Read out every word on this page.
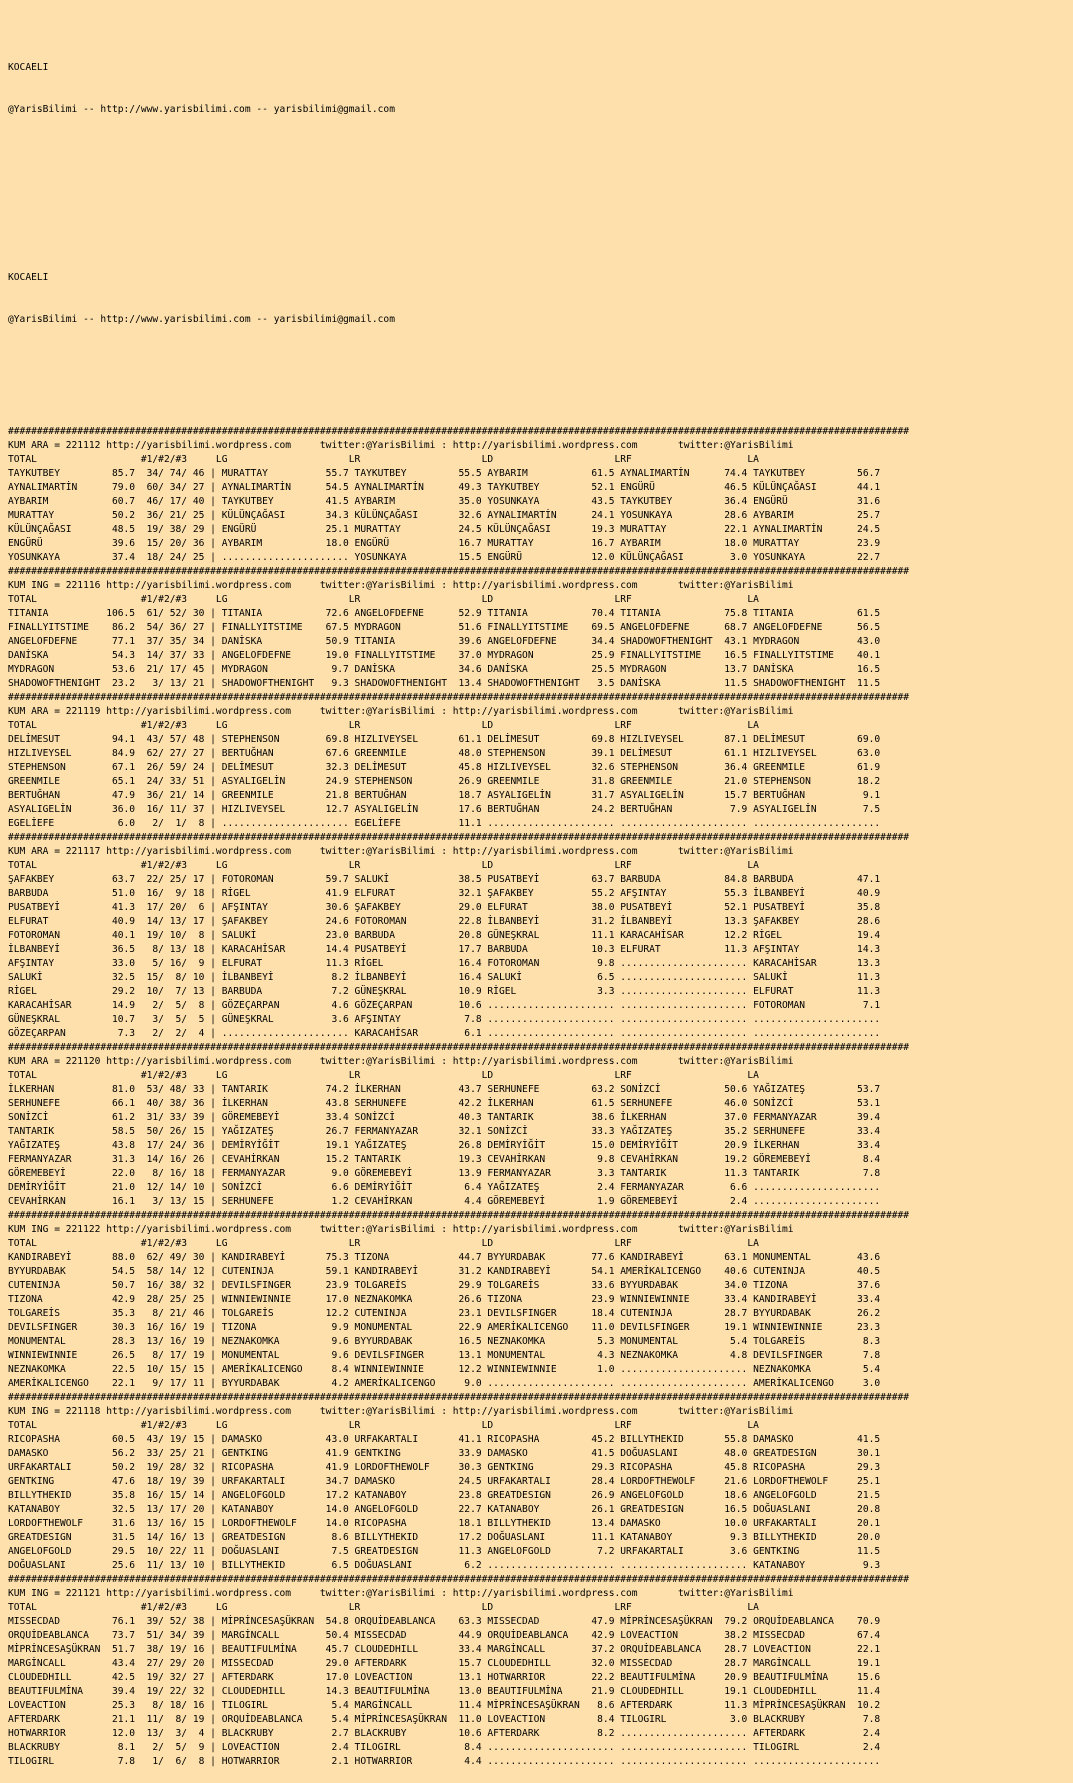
KOCAELI

@YarisBilimi -- http://www.yarisbilimi.com -- yarisbilimi@gmail.com

KOCAELI

@YarisBilimi -- http://www.yarisbilimi.com -- yarisbilimi@gmail.com

############################################################################################################################################################
KUM ARA = 221112 http://yarisbilimi.wordpress.com     twitter:@YarisBilimi : http://yarisbilimi.wordpress.com       twitter:@YarisBilimi
TOTAL                  #1/#2/#3     LG                     LR                     LD                     LRF                    LA
TAYKUTBEY         85.7  34/ 74/ 46 | MURATTAY          55.7 TAYKUTBEY         55.5 AYBARIM           61.5 AYNALIMARTİN      74.4 TAYKUTBEY         56.7
AYNALIMARTİN      79.0  60/ 34/ 27 | AYNALIMARTİN      54.5 AYNALIMARTİN      49.3 TAYKUTBEY         52.1 ENGÜRÜ            46.5 KÜLÜNÇAĞASI       44.1
AYBARIM           60.7  46/ 17/ 40 | TAYKUTBEY         41.5 AYBARIM           35.0 YOSUNKAYA         43.5 TAYKUTBEY         36.4 ENGÜRÜ            31.6
MURATTAY          50.2  36/ 21/ 25 | KÜLÜNÇAĞASI       34.3 KÜLÜNÇAĞASI       32.6 AYNALIMARTİN      24.1 YOSUNKAYA         28.6 AYBARIM           25.7
KÜLÜNÇAĞASI       48.5  19/ 38/ 29 | ENGÜRÜ            25.1 MURATTAY          24.5 KÜLÜNÇAĞASI       19.3 MURATTAY          22.1 AYNALIMARTİN      24.5
ENGÜRÜ            39.6  15/ 20/ 36 | AYBARIM           18.0 ENGÜRÜ            16.7 MURATTAY          16.7 AYBARIM           18.0 MURATTAY          23.9
YOSUNKAYA         37.4  18/ 24/ 25 | ...................... YOSUNKAYA         15.5 ENGÜRÜ            12.0 KÜLÜNÇAĞASI        3.0 YOSUNKAYA         22.7
############################################################################################################################################################
KUM ING = 221116 http://yarisbilimi.wordpress.com     twitter:@YarisBilimi : http://yarisbilimi.wordpress.com       twitter:@YarisBilimi
TOTAL                  #1/#2/#3     LG                     LR                     LD                     LRF                    LA
TITANIA          106.5  61/ 52/ 30 | TITANIA           72.6 ANGELOFDEFNE      52.9 TITANIA           70.4 TITANIA           75.8 TITANIA           61.5
FINALLYITSTIME    86.2  54/ 36/ 27 | FINALLYITSTIME    67.5 MYDRAGON          51.6 FINALLYITSTIME    69.5 ANGELOFDEFNE      68.7 ANGELOFDEFNE      56.5
ANGELOFDEFNE      77.1  37/ 35/ 34 | DANİSKA           50.9 TITANIA           39.6 ANGELOFDEFNE      34.4 SHADOWOFTHENIGHT  43.1 MYDRAGON          43.0
DANİSKA           54.3  14/ 37/ 33 | ANGELOFDEFNE      19.0 FINALLYITSTIME    37.0 MYDRAGON          25.9 FINALLYITSTIME    16.5 FINALLYITSTIME    40.1
MYDRAGON          53.6  21/ 17/ 45 | MYDRAGON           9.7 DANİSKA           34.6 DANİSKA           25.5 MYDRAGON          13.7 DANİSKA           16.5
SHADOWOFTHENIGHT  23.2   3/ 13/ 21 | SHADOWOFTHENIGHT   9.3 SHADOWOFTHENIGHT  13.4 SHADOWOFTHENIGHT   3.5 DANİSKA           11.5 SHADOWOFTHENIGHT  11.5
############################################################################################################################################################
KUM ARA = 221119 http://yarisbilimi.wordpress.com     twitter:@YarisBilimi : http://yarisbilimi.wordpress.com       twitter:@YarisBilimi
TOTAL                  #1/#2/#3     LG                     LR                     LD                     LRF                    LA
DELİMESUT         94.1  43/ 57/ 48 | STEPHENSON        69.8 HIZLIVEYSEL       61.1 DELİMESUT         69.8 HIZLIVEYSEL       87.1 DELİMESUT         69.0
HIZLIVEYSEL       84.9  62/ 27/ 27 | BERTUĞHAN         67.6 GREENMILE         48.0 STEPHENSON        39.1 DELİMESUT         61.1 HIZLIVEYSEL       63.0
STEPHENSON        67.1  26/ 59/ 24 | DELİMESUT         32.3 DELİMESUT         45.8 HIZLIVEYSEL       32.6 STEPHENSON        36.4 GREENMILE         61.9
GREENMILE         65.1  24/ 33/ 51 | ASYALIGELİN       24.9 STEPHENSON        26.9 GREENMILE         31.8 GREENMILE         21.0 STEPHENSON        18.2
BERTUĞHAN         47.9  36/ 21/ 14 | GREENMILE         21.8 BERTUĞHAN         18.7 ASYALIGELİN       31.7 ASYALIGELİN       15.7 BERTUĞHAN          9.1
ASYALIGELİN       36.0  16/ 11/ 37 | HIZLIVEYSEL       12.7 ASYALIGELİN       17.6 BERTUĞHAN         24.2 BERTUĞHAN          7.9 ASYALIGELİN        7.5
EGELİEFE           6.0   2/  1/  8 | ...................... EGELİEFE          11.1 ...................... ...................... ......................
############################################################################################################################################################
KUM ARA = 221117 http://yarisbilimi.wordpress.com     twitter:@YarisBilimi : http://yarisbilimi.wordpress.com       twitter:@YarisBilimi
TOTAL                  #1/#2/#3     LG                     LR                     LD                     LRF                    LA
ŞAFAKBEY          63.7  22/ 25/ 17 | FOTOROMAN         59.7 SALUKİ            38.5 PUSATBEYİ         63.7 BARBUDA           84.8 BARBUDA           47.1
BARBUDA           51.0  16/  9/ 18 | RİGEL             41.9 ELFURAT           32.1 ŞAFAKBEY          55.2 AFŞINTAY          55.3 İLBANBEYİ         40.9
PUSATBEYİ         41.3  17/ 20/  6 | AFŞINTAY          30.6 ŞAFAKBEY          29.0 ELFURAT           38.0 PUSATBEYİ         52.1 PUSATBEYİ         35.8
ELFURAT           40.9  14/ 13/ 17 | ŞAFAKBEY          24.6 FOTOROMAN         22.8 İLBANBEYİ         31.2 İLBANBEYİ         13.3 ŞAFAKBEY          28.6
FOTOROMAN         40.1  19/ 10/  8 | SALUKİ            23.0 BARBUDA           20.8 GÜNEŞKRAL         11.1 KARACAHİSAR       12.2 RİGEL             19.4
İLBANBEYİ         36.5   8/ 13/ 18 | KARACAHİSAR       14.4 PUSATBEYİ         17.7 BARBUDA           10.3 ELFURAT           11.3 AFŞINTAY          14.3
AFŞINTAY          33.0   5/ 16/  9 | ELFURAT           11.3 RİGEL             16.4 FOTOROMAN          9.8 ...................... KARACAHİSAR       13.3
SALUKİ            32.5  15/  8/ 10 | İLBANBEYİ          8.2 İLBANBEYİ         16.4 SALUKİ             6.5 ...................... SALUKİ            11.3
RİGEL             29.2  10/  7/ 13 | BARBUDA            7.2 GÜNEŞKRAL         10.9 RİGEL              3.3 ...................... ELFURAT           11.3
KARACAHİSAR       14.9   2/  5/  8 | GÖZEÇARPAN         4.6 GÖZEÇARPAN        10.6 ...................... ...................... FOTOROMAN          7.1
GÜNEŞKRAL         10.7   3/  5/  5 | GÜNEŞKRAL          3.6 AFŞINTAY           7.8 ...................... ...................... ......................
GÖZEÇARPAN         7.3   2/  2/  4 | ...................... KARACAHİSAR        6.1 ...................... ...................... ......................
############################################################################################################################################################
KUM ARA = 221120 http://yarisbilimi.wordpress.com     twitter:@YarisBilimi : http://yarisbilimi.wordpress.com       twitter:@YarisBilimi
TOTAL                  #1/#2/#3     LG                     LR                     LD                     LRF                    LA
İLKERHAN          81.0  53/ 48/ 33 | TANTARIK          74.2 İLKERHAN          43.7 SERHUNEFE         63.2 SONİZCİ           50.6 YAĞIZATEŞ         53.7
SERHUNEFE         66.1  40/ 38/ 36 | İLKERHAN          43.8 SERHUNEFE         42.2 İLKERHAN          61.5 SERHUNEFE         46.0 SONİZCİ           53.1
SONİZCİ           61.2  31/ 33/ 39 | GÖREMEBEYİ        33.4 SONİZCİ           40.3 TANTARIK          38.6 İLKERHAN          37.0 FERMANYAZAR       39.4
TANTARIK          58.5  50/ 26/ 15 | YAĞIZATEŞ         26.7 FERMANYAZAR       32.1 SONİZCİ           33.3 YAĞIZATEŞ         35.2 SERHUNEFE         33.4
YAĞIZATEŞ         43.8  17/ 24/ 36 | DEMİRYİĞİT        19.1 YAĞIZATEŞ         26.8 DEMİRYİĞİT        15.0 DEMİRYİĞİT        20.9 İLKERHAN          33.4
FERMANYAZAR       31.3  14/ 16/ 26 | CEVAHİRKAN        15.2 TANTARIK          19.3 CEVAHİRKAN         9.8 CEVAHİRKAN        19.2 GÖREMEBEYİ         8.4
GÖREMEBEYİ        22.0   8/ 16/ 18 | FERMANYAZAR        9.0 GÖREMEBEYİ        13.9 FERMANYAZAR        3.3 TANTARIK          11.3 TANTARIK           7.8
DEMİRYİĞİT        21.0  12/ 14/ 10 | SONİZCİ            6.6 DEMİRYİĞİT         6.4 YAĞIZATEŞ          2.4 FERMANYAZAR        6.6 ......................
CEVAHİRKAN        16.1   3/ 13/ 15 | SERHUNEFE          1.2 CEVAHİRKAN         4.4 GÖREMEBEYİ         1.9 GÖREMEBEYİ         2.4 ......................
############################################################################################################################################################
KUM ING = 221122 http://yarisbilimi.wordpress.com     twitter:@YarisBilimi : http://yarisbilimi.wordpress.com       twitter:@YarisBilimi
TOTAL                  #1/#2/#3     LG                     LR                     LD                     LRF                    LA
KANDIRABEYİ       88.0  62/ 49/ 30 | KANDIRABEYİ       75.3 TIZONA            44.7 BYYURDABAK        77.6 KANDIRABEYİ       63.1 MONUMENTAL        43.6
BYYURDABAK        54.5  58/ 14/ 12 | CUTENINJA         59.1 KANDIRABEYİ       31.2 KANDIRABEYİ       54.1 AMERİKALICENGO    40.6 CUTENINJA         40.5
CUTENINJA         50.7  16/ 38/ 32 | DEVILSFINGER      23.9 TOLGAREİS         29.9 TOLGAREİS         33.6 BYYURDABAK        34.0 TIZONA            37.6
TIZONA            42.9  28/ 25/ 25 | WINNIEWINNIE      17.0 NEZNAKOMKA        26.6 TIZONA            23.9 WINNIEWINNIE      33.4 KANDIRABEYİ       33.4
TOLGAREİS         35.3   8/ 21/ 46 | TOLGAREİS         12.2 CUTENINJA         23.1 DEVILSFINGER      18.4 CUTENINJA         28.7 BYYURDABAK        26.2
DEVILSFINGER      30.3  16/ 16/ 19 | TIZONA             9.9 MONUMENTAL        22.9 AMERİKALICENGO    11.0 DEVILSFINGER      19.1 WINNIEWINNIE      23.3
MONUMENTAL        28.3  13/ 16/ 19 | NEZNAKOMKA         9.6 BYYURDABAK        16.5 NEZNAKOMKA         5.3 MONUMENTAL         5.4 TOLGAREİS          8.3
WINNIEWINNIE      26.5   8/ 17/ 19 | MONUMENTAL         9.6 DEVILSFINGER      13.1 MONUMENTAL         4.3 NEZNAKOMKA         4.8 DEVILSFINGER       7.8
NEZNAKOMKA        22.5  10/ 15/ 15 | AMERİKALICENGO     8.4 WINNIEWINNIE      12.2 WINNIEWINNIE       1.0 ...................... NEZNAKOMKA         5.4
AMERİKALICENGO    22.1   9/ 17/ 11 | BYYURDABAK         4.2 AMERİKALICENGO     9.0 ...................... ...................... AMERİKALICENGO     3.0
############################################################################################################################################################
KUM ING = 221118 http://yarisbilimi.wordpress.com     twitter:@YarisBilimi : http://yarisbilimi.wordpress.com       twitter:@YarisBilimi
TOTAL                  #1/#2/#3     LG                     LR                     LD                     LRF                    LA
RICOPASHA         60.5  43/ 19/ 15 | DAMASKO           43.0 URFAKARTALI       41.1 RICOPASHA         45.2 BILLYTHEKID       55.8 DAMASKO           41.5
DAMASKO           56.2  33/ 25/ 21 | GENTKING          41.9 GENTKING          33.9 DAMASKO           41.5 DOĞUASLANI        48.0 GREATDESIGN       30.1
URFAKARTALI       50.2  19/ 28/ 32 | RICOPASHA         41.9 LORDOFTHEWOLF     30.3 GENTKING          29.3 RICOPASHA         45.8 RICOPASHA         29.3
GENTKING          47.6  18/ 19/ 39 | URFAKARTALI       34.7 DAMASKO           24.5 URFAKARTALI       28.4 LORDOFTHEWOLF     21.6 LORDOFTHEWOLF     25.1
BILLYTHEKID       35.8  16/ 15/ 14 | ANGELOFGOLD       17.2 KATANABOY         23.8 GREATDESIGN       26.9 ANGELOFGOLD       18.6 ANGELOFGOLD       21.5
KATANABOY         32.5  13/ 17/ 20 | KATANABOY         14.0 ANGELOFGOLD       22.7 KATANABOY         26.1 GREATDESIGN       16.5 DOĞUASLANI        20.8
LORDOFTHEWOLF     31.6  13/ 16/ 15 | LORDOFTHEWOLF     14.0 RICOPASHA         18.1 BILLYTHEKID       13.4 DAMASKO           10.0 URFAKARTALI       20.1
GREATDESIGN       31.5  14/ 16/ 13 | GREATDESIGN        8.6 BILLYTHEKID       17.2 DOĞUASLANI        11.1 KATANABOY          9.3 BILLYTHEKID       20.0
ANGELOFGOLD       29.5  10/ 22/ 11 | DOĞUASLANI         7.5 GREATDESIGN       11.3 ANGELOFGOLD        7.2 URFAKARTALI        3.6 GENTKING          11.5
DOĞUASLANI        25.6  11/ 13/ 10 | BILLYTHEKID        6.5 DOĞUASLANI         6.2 ...................... ...................... KATANABOY          9.3
############################################################################################################################################################
KUM ING = 221121 http://yarisbilimi.wordpress.com     twitter:@YarisBilimi : http://yarisbilimi.wordpress.com       twitter:@YarisBilimi
TOTAL                  #1/#2/#3     LG                     LR                     LD                     LRF                    LA
MISSECDAD         76.1  39/ 52/ 38 | MİPRİNCESAŞÜKRAN  54.8 ORQUİDEABLANCA    63.3 MISSECDAD         47.9 MİPRİNCESAŞÜKRAN  79.2 ORQUİDEABLANCA    70.9
ORQUİDEABLANCA    73.7  51/ 34/ 39 | MARGİNCALL        50.4 MISSECDAD         44.9 ORQUİDEABLANCA    42.9 LOVEACTION        38.2 MISSECDAD         67.4
MİPRİNCESAŞÜKRAN  51.7  38/ 19/ 16 | BEAUTIFULMİNA     45.7 CLOUDEDHILL       33.4 MARGİNCALL        37.2 ORQUİDEABLANCA    28.7 LOVEACTION        22.1
MARGİNCALL        43.4  27/ 29/ 20 | MISSECDAD         29.0 AFTERDARK         15.7 CLOUDEDHILL       32.0 MISSECDAD         28.7 MARGİNCALL        19.1
CLOUDEDHILL       42.5  19/ 32/ 27 | AFTERDARK         17.0 LOVEACTION        13.1 HOTWARRIOR        22.2 BEAUTIFULMİNA     20.9 BEAUTIFULMİNA     15.6
BEAUTIFULMİNA     39.4  19/ 22/ 32 | CLOUDEDHILL       14.3 BEAUTIFULMİNA     13.0 BEAUTIFULMİNA     21.9 CLOUDEDHILL       19.1 CLOUDEDHILL       11.4
LOVEACTION        25.3   8/ 18/ 16 | TILOGIRL           5.4 MARGİNCALL        11.4 MİPRİNCESAŞÜKRAN   8.6 AFTERDARK         11.3 MİPRİNCESAŞÜKRAN  10.2
AFTERDARK         21.1  11/  8/ 19 | ORQUİDEABLANCA     5.4 MİPRİNCESAŞÜKRAN  11.0 LOVEACTION         8.4 TILOGIRL           3.0 BLACKRUBY          7.8
HOTWARRIOR        12.0  13/  3/  4 | BLACKRUBY          2.7 BLACKRUBY         10.6 AFTERDARK          8.2 ...................... AFTERDARK          2.4
BLACKRUBY          8.1   2/  5/  9 | LOVEACTION         2.4 TILOGIRL           8.4 ...................... ...................... TILOGIRL           2.4
TILOGIRL           7.8   1/  6/  8 | HOTWARRIOR         2.1 HOTWARRIOR         4.4 ...................... ...................... ......................
